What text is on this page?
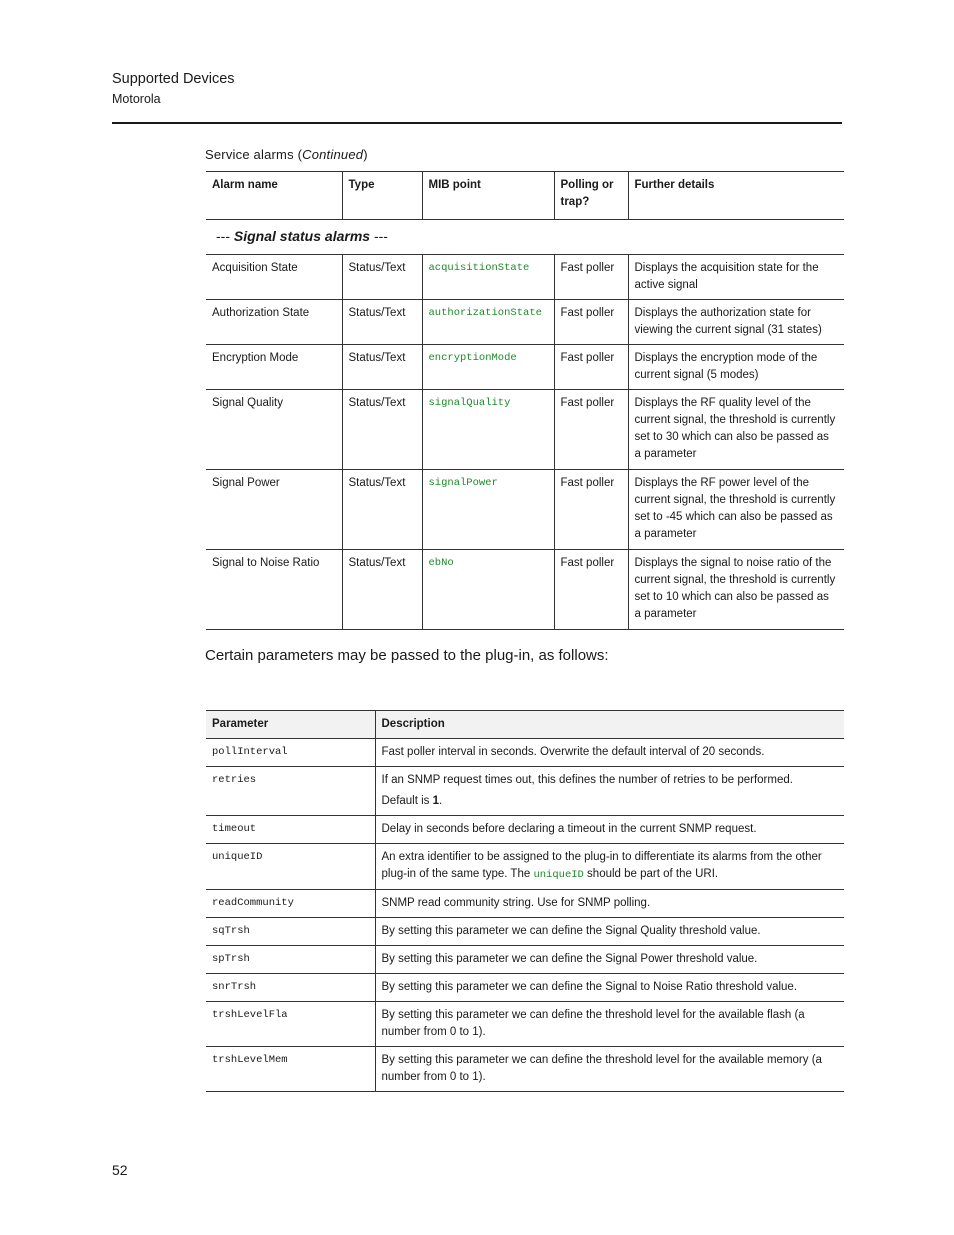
Supported Devices
Motorola
Service alarms (Continued)
Alarm name	Type	MIB point	Polling or trap?	Further details
--- Signal status alarms ---				
Acquisition State	Status/Text	acquisitionState	Fast poller	Displays the acquisition state for the active signal
Authorization State	Status/Text	authorizationState	Fast poller	Displays the authorization state for viewing the current signal (31 states)
Encryption Mode	Status/Text	encryptionMode	Fast poller	Displays the encryption mode of the current signal (5 modes)
Signal Quality	Status/Text	signalQuality	Fast poller	Displays the RF quality level of the current signal, the threshold is currently set to 30 which can also be passed as a parameter
Signal Power	Status/Text	signalPower	Fast poller	Displays the RF power level of the current signal, the threshold is currently set to -45 which can also be passed as a parameter
Signal to Noise Ratio	Status/Text	ebNo	Fast poller	Displays the signal to noise ratio of the current signal, the threshold is currently set to 10 which can also be passed as a parameter
Certain parameters may be passed to the plug-in, as follows:
Parameter	Description
pollInterval	Fast poller interval in seconds. Overwrite the default interval of 20 seconds.
retries	If an SNMP request times out, this defines the number of retries to be performed.
Default is 1.

timeout	Delay in seconds before declaring a timeout in the current SNMP request.
uniqueID	An extra identifier to be assigned to the plug-in to differentiate its alarms from the other plug-in of the same type. The uniqueID should be part of the URI.
readCommunity	SNMP read community string. Use for SNMP polling.
sqTrsh	By setting this parameter we can define the Signal Quality threshold value.
spTrsh	By setting this parameter we can define the Signal Power threshold value.
snrTrsh	By setting this parameter we can define the Signal to Noise Ratio threshold value.
trshLevelFla	By setting this parameter we can define the threshold level for the available flash (a number from 0 to 1).
trshLevelMem	By setting this parameter we can define the threshold level for the available memory (a number from 0 to 1).
52
